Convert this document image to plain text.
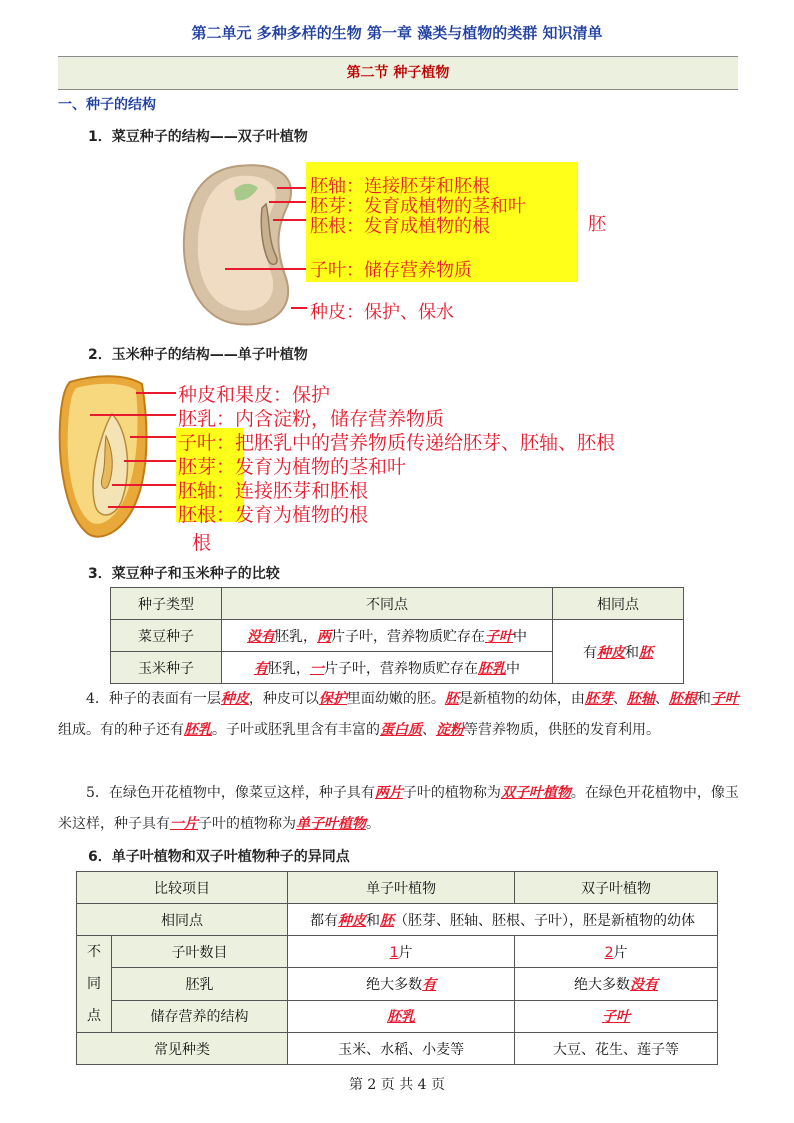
第二单元 多种多样的生物 第一章 藻类与植物的类群 知识清单
第二节 种子植物
一、种子的结构
1．菜豆种子的结构——双子叶植物
胚轴：连接胚芽和胚根
胚芽：发育成植物的茎和叶
胚根：发育成植物的根
子叶：储存营养物质
种皮：保护、保水
胚
2．玉米种子的结构——单子叶植物
种皮和果皮：保护
胚乳：内含淀粉，储存营养物质
子叶：把胚乳中的营养物质传递给胚芽、胚轴、胚根
胚芽：发育为植物的茎和叶
胚轴：连接胚芽和胚根
胚根：发育为植物的根
根
3．菜豆种子和玉米种子的比较
种子类型	不同点	相同点
菜豆种子	没有胚乳，两片子叶，营养物质贮存在子叶中	有种皮和胚
玉米种子	有胚乳，一片子叶，营养物质贮存在胚乳中	
4．种子的表面有一层种皮，种皮可以保护里面幼嫩的胚。胚是新植物的幼体，由胚芽、胚轴、胚根和子叶组成。有的种子还有胚乳。子叶或胚乳里含有丰富的蛋白质、淀粉等营养物质，供胚的发育利用。
5．在绿色开花植物中，像菜豆这样，种子具有两片子叶的植物称为双子叶植物。在绿色开花植物中，像玉米这样，种子具有一片子叶的植物称为单子叶植物。
6．单子叶植物和双子叶植物种子的异同点
比较项目		单子叶植物	双子叶植物
相同点		都有种皮和胚（胚芽、胚轴、胚根、子叶），胚是新植物的幼体	
不
同
点	子叶数目	1片	2片
	胚乳	绝大多数有	绝大多数没有
	储存营养的结构	胚乳	子叶
常见种类		玉米、水稻、小麦等	大豆、花生、莲子等
第 2 页 共 4 页
